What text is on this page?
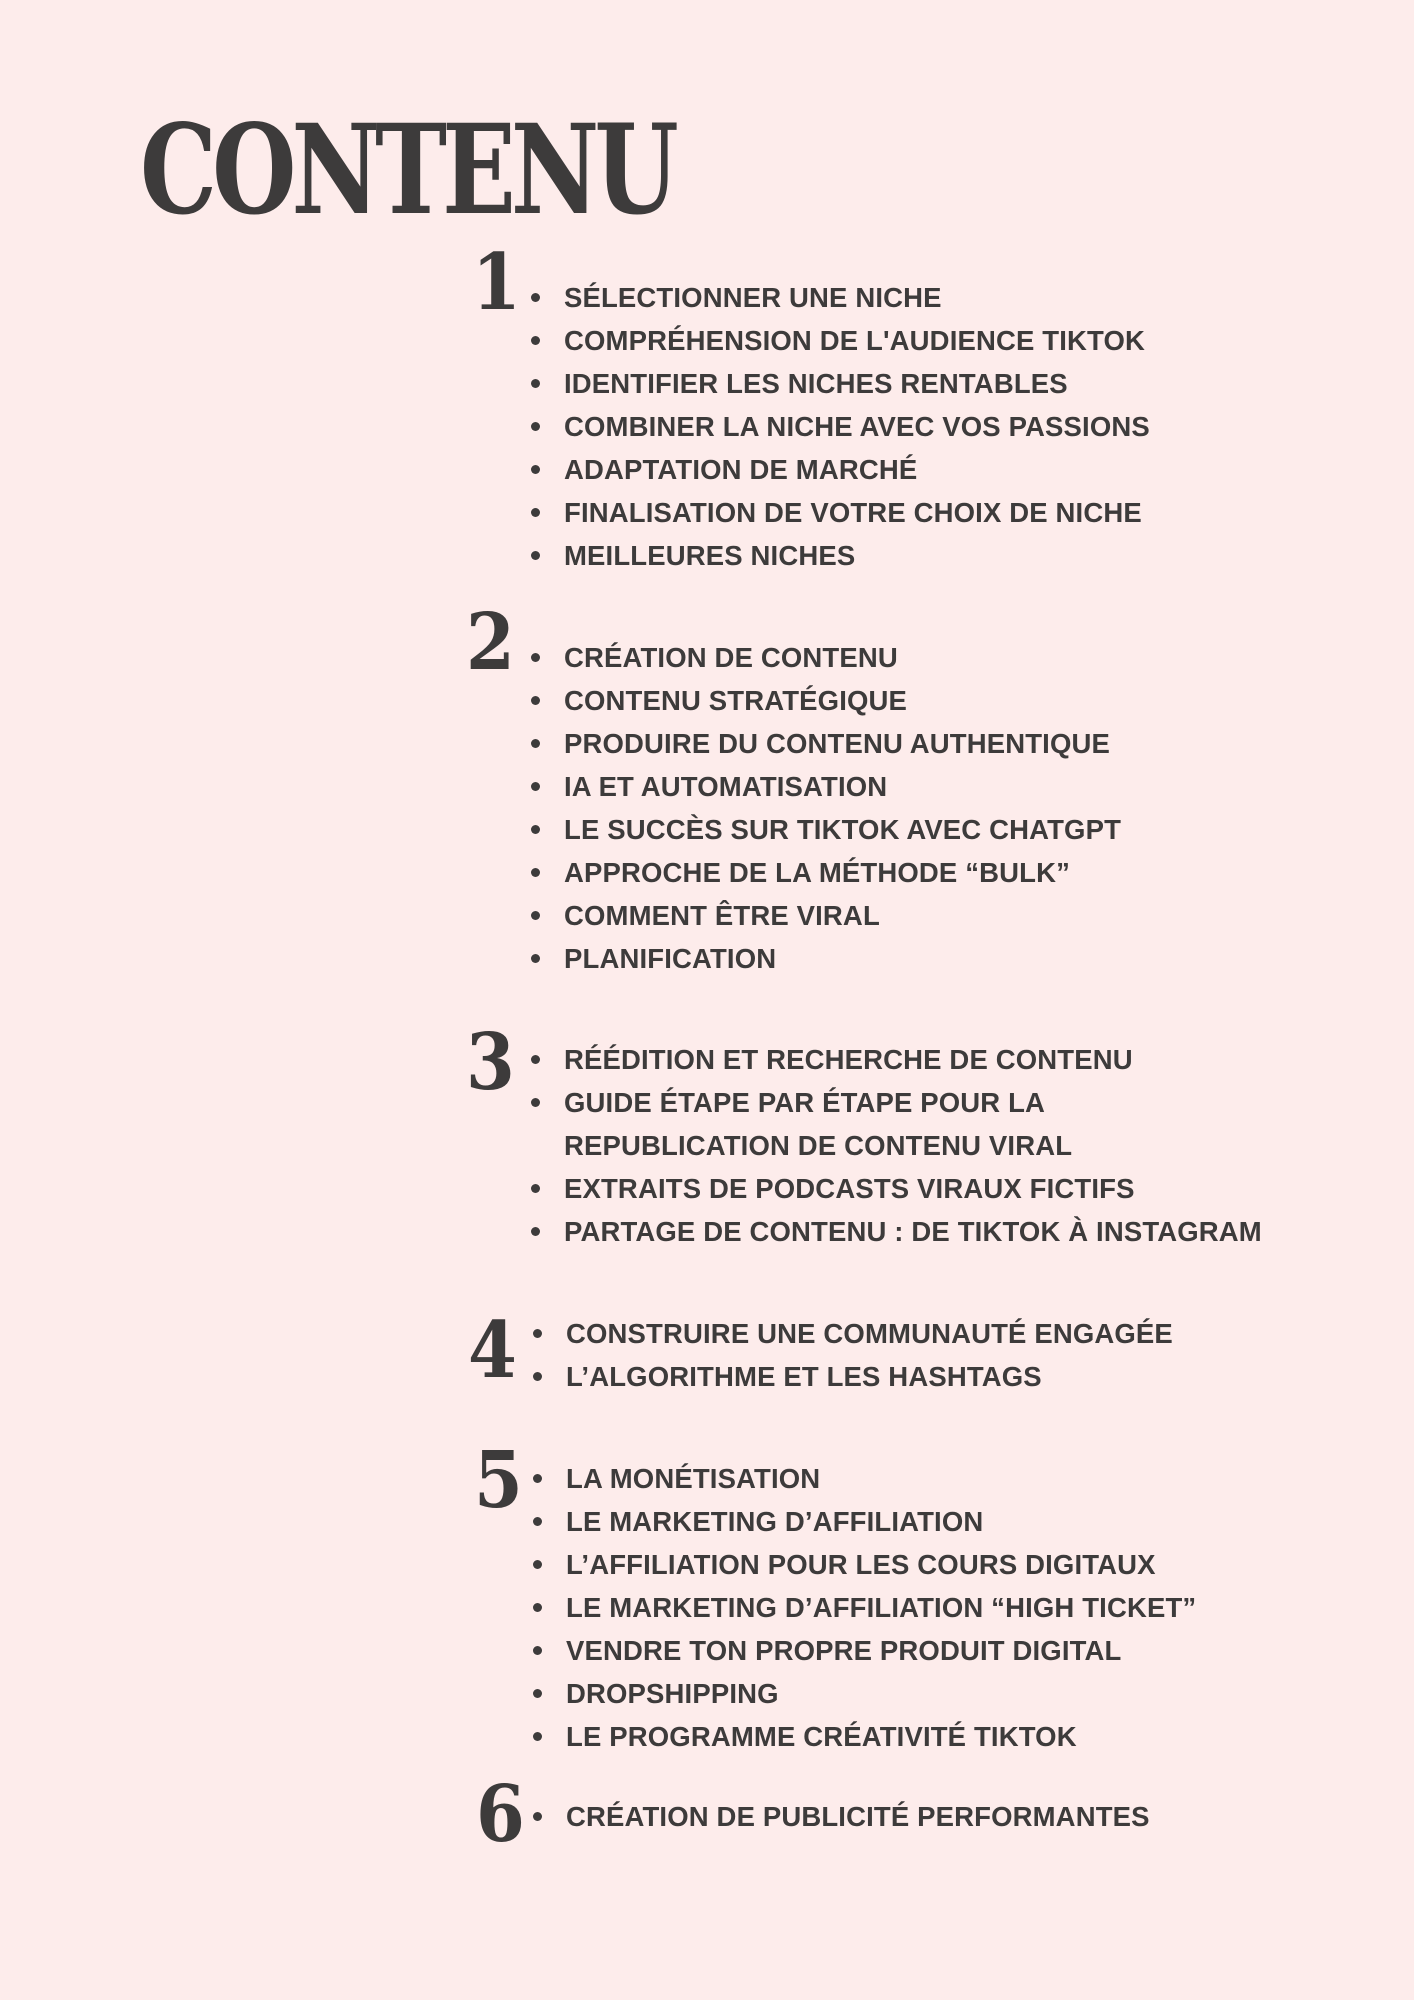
CONTENU
1	SÉLECTIONNER UNE NICHE
COMPRÉHENSION DE L'AUDIENCE TIKTOK
IDENTIFIER LES NICHES RENTABLES
COMBINER LA NICHE AVEC VOS PASSIONS
ADAPTATION DE MARCHÉ
FINALISATION DE VOTRE CHOIX DE NICHE
MEILLEURES NICHES
2	CRÉATION DE CONTENU
CONTENU STRATÉGIQUE
PRODUIRE DU CONTENU AUTHENTIQUE
IA ET AUTOMATISATION
LE SUCCÈS SUR TIKTOK AVEC CHATGPT
APPROCHE DE LA MÉTHODE “BULK”
COMMENT ÊTRE VIRAL
PLANIFICATION
3	RÉÉDITION ET RECHERCHE DE CONTENU
GUIDE ÉTAPE PAR ÉTAPE POUR LA REPUBLICATION DE CONTENU VIRAL
EXTRAITS DE PODCASTS VIRAUX FICTIFS
PARTAGE DE CONTENU : DE TIKTOK À INSTAGRAM
4	CONSTRUIRE UNE COMMUNAUTÉ ENGAGÉE
L’ALGORITHME ET LES HASHTAGS
5	LA MONÉTISATION
LE MARKETING D’AFFILIATION
L’AFFILIATION POUR LES COURS DIGITAUX
LE MARKETING D’AFFILIATION “HIGH TICKET”
VENDRE TON PROPRE PRODUIT DIGITAL
DROPSHIPPING
LE PROGRAMME CRÉATIVITÉ TIKTOK
6	CRÉATION DE PUBLICITÉ PERFORMANTES
